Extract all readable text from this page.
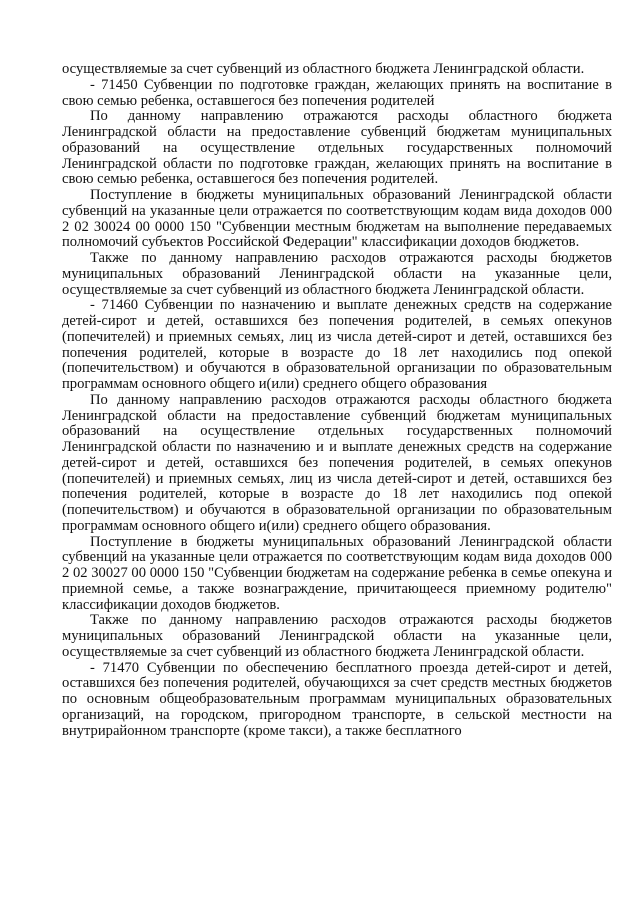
осуществляемые за счет субвенций из областного бюджета Ленинградской области.

- 71450 Субвенции по подготовке граждан, желающих принять на воспитание в свою семью ребенка, оставшегося без попечения родителей

По данному направлению отражаются расходы областного бюджета Ленинградской области на предоставление субвенций бюджетам муниципальных образований на осуществление отдельных государственных полномочий Ленинградской области по подготовке граждан, желающих принять на воспитание в свою семью ребенка, оставшегося без попечения родителей.

Поступление в бюджеты муниципальных образований Ленинградской области субвенций на указанные цели отражается по соответствующим кодам вида доходов 000 2 02 30024 00 0000 150 "Субвенции местным бюджетам на выполнение передаваемых полномочий субъектов Российской Федерации" классификации доходов бюджетов.

Также по данному направлению расходов отражаются расходы бюджетов муниципальных образований Ленинградской области на указанные цели, осуществляемые за счет субвенций из областного бюджета Ленинградской области.

- 71460 Субвенции по назначению и выплате денежных средств на содержание детей-сирот и детей, оставшихся без попечения родителей, в семьях опекунов (попечителей) и приемных семьях, лиц из числа детей-сирот и детей, оставшихся без попечения родителей, которые в возрасте до 18 лет находились под опекой (попечительством) и обучаются в образовательной организации по образовательным программам основного общего и(или) среднего общего образования

По данному направлению расходов отражаются расходы областного бюджета Ленинградской области на предоставление субвенций бюджетам муниципальных образований на осуществление отдельных государственных полномочий Ленинградской области по назначению и и выплате денежных средств на содержание детей-сирот и детей, оставшихся без попечения родителей, в семьях опекунов (попечителей) и приемных семьях, лиц из числа детей-сирот и детей, оставшихся без попечения родителей, которые в возрасте до 18 лет находились под опекой (попечительством) и обучаются в образовательной организации по образовательным программам основного общего и(или) среднего общего образования.

Поступление в бюджеты муниципальных образований Ленинградской области субвенций на указанные цели отражается по соответствующим кодам вида доходов 000 2 02 30027 00 0000 150 "Субвенции бюджетам на содержание ребенка в семье опекуна и приемной семье, а также вознаграждение, причитающееся приемному родителю" классификации доходов бюджетов.

Также по данному направлению расходов отражаются расходы бюджетов муниципальных образований Ленинградской области на указанные цели, осуществляемые за счет субвенций из областного бюджета Ленинградской области.

- 71470 Субвенции по обеспечению бесплатного проезда детей-сирот и детей, оставшихся без попечения родителей, обучающихся за счет средств местных бюджетов по основным общеобразовательным программам муниципальных образовательных организаций, на городском, пригородном транспорте, в сельской местности на внутрирайонном транспорте (кроме такси), а также бесплатного
